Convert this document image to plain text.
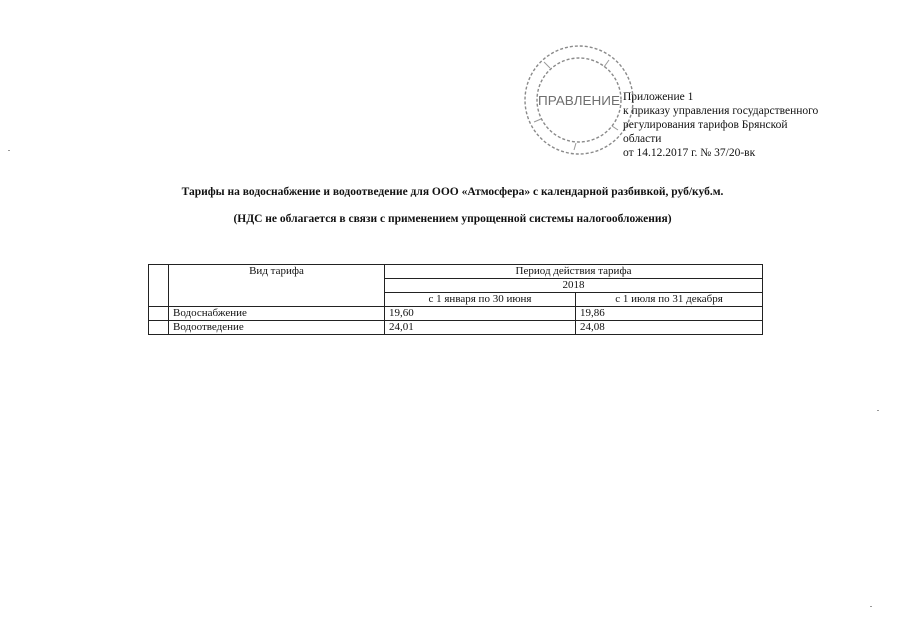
ПРАВЛЕНИЕ Приложение 1
к приказу управления государственного
регулирования тарифов Брянской
области
от 14.12.2017 г. № 37/20-вк
Тарифы на водоснабжение и водоотведение для ООО «Атмосфера» с календарной разбивкой, руб/куб.м.
(НДС не облагается в связи с применением упрощенной системы налогообложения)
	Вид тарифа	Период действия тарифа	
		2018	
		с 1 января по 30 июня	с 1 июля по 31 декабря
	Водоснабжение	19,60	19,86
	Водоотведение	24,01	24,08
